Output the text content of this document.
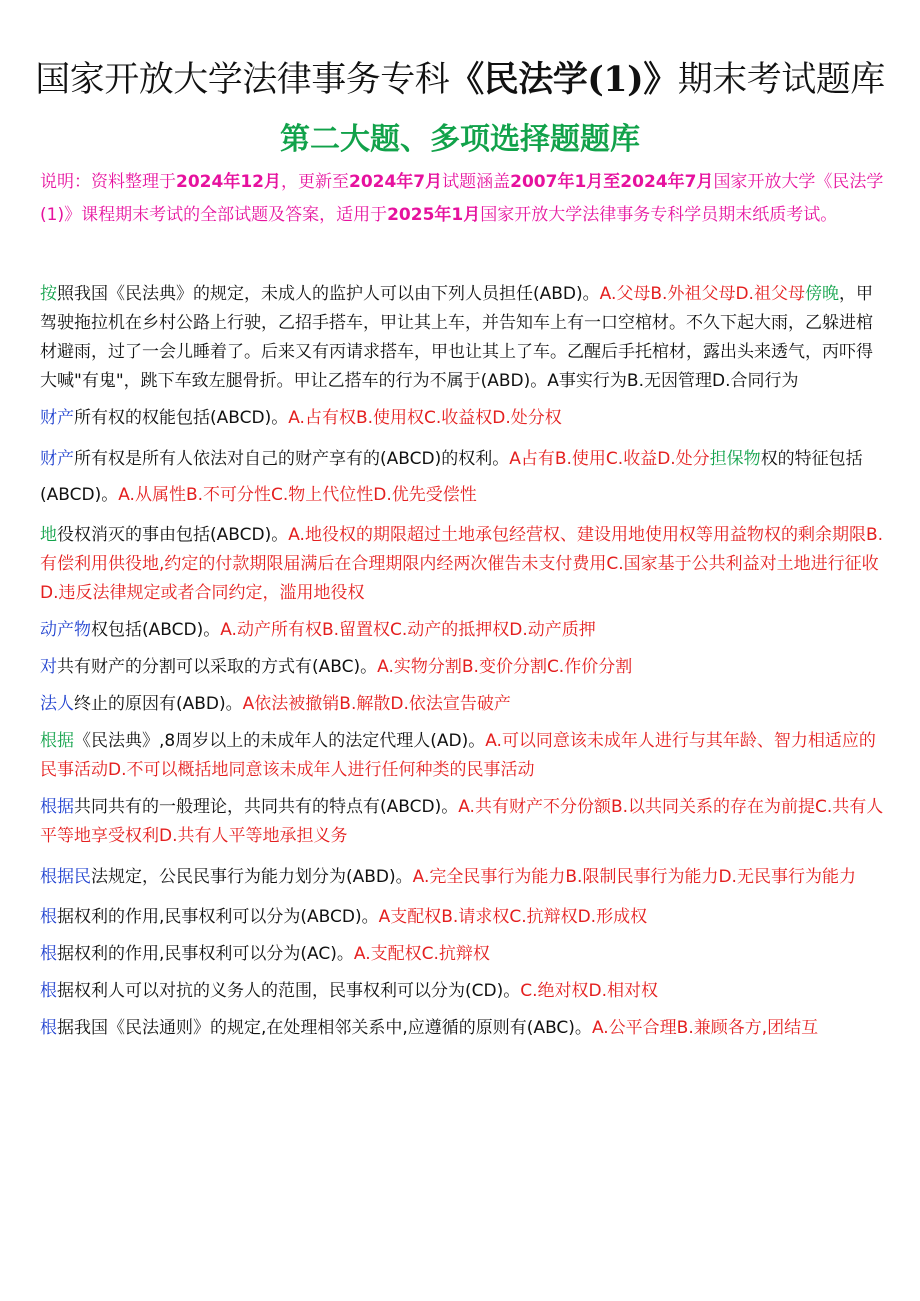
国家开放大学法律事务专科《民法学(1)》期末考试题库
第二大题、多项选择题题库
说明：资料整理于2024年12月，更新至2024年7月试题涵盖2007年1月至2024年7月国家开放大学《民法学(1)》课程期末考试的全部试题及答案，适用于2025年1月国家开放大学法律事务专科学员期末纸质考试。

按照我国《民法典》的规定，未成人的监护人可以由下列人员担任(ABD)。A.父母B.外祖父母D.祖父母傍晚，甲驾驶拖拉机在乡村公路上行驶，乙招手搭车，甲让其上车，并告知车上有一口空棺材。不久下起大雨，乙躲进棺材避雨，过了一会儿睡着了。后来又有丙请求搭车，甲也让其上了车。乙醒后手托棺材，露出头来透气，丙吓得大喊"有鬼"，跳下车致左腿骨折。甲让乙搭车的行为不属于(ABD)。A事实行为B.无因管理D.合同行为

财产所有权的权能包括(ABCD)。A.占有权B.使用权C.收益权D.处分权

财产所有权是所有人依法对自己的财产享有的(ABCD)的权利。A占有B.使用C.收益D.处分担保物权的特征包括(ABCD)。A.从属性B.不可分性C.物上代位性D.优先受偿性

地役权消灭的事由包括(ABCD)。A.地役权的期限超过土地承包经营权、建设用地使用权等用益物权的剩余期限B.有偿利用供役地,约定的付款期限届满后在合理期限内经两次催告未支付费用C.国家基于公共利益对土地进行征收D.违反法律规定或者合同约定，滥用地役权

动产物权包括(ABCD)。A.动产所有权B.留置权C.动产的抵押权D.动产质押

对共有财产的分割可以采取的方式有(ABC)。A.实物分割B.变价分割C.作价分割

法人终止的原因有(ABD)。A依法被撤销B.解散D.依法宣告破产

根据《民法典》,8周岁以上的未成年人的法定代理人(AD)。A.可以同意该未成年人进行与其年龄、智力相适应的民事活动D.不可以概括地同意该未成年人进行任何种类的民事活动

根据共同共有的一般理论，共同共有的特点有(ABCD)。A.共有财产不分份额B.以共同关系的存在为前提C.共有人平等地享受权利D.共有人平等地承担义务

根据民法规定，公民民事行为能力划分为(ABD)。A.完全民事行为能力B.限制民事行为能力D.无民事行为能力

根据权利的作用,民事权利可以分为(ABCD)。A支配权B.请求权C.抗辩权D.形成权

根据权利的作用,民事权利可以分为(AC)。A.支配权C.抗辩权

根据权利人可以对抗的义务人的范围，民事权利可以分为(CD)。C.绝对权D.相对权

根据我国《民法通则》的规定,在处理相邻关系中,应遵循的原则有(ABC)。A.公平合理B.兼顾各方,团结互
